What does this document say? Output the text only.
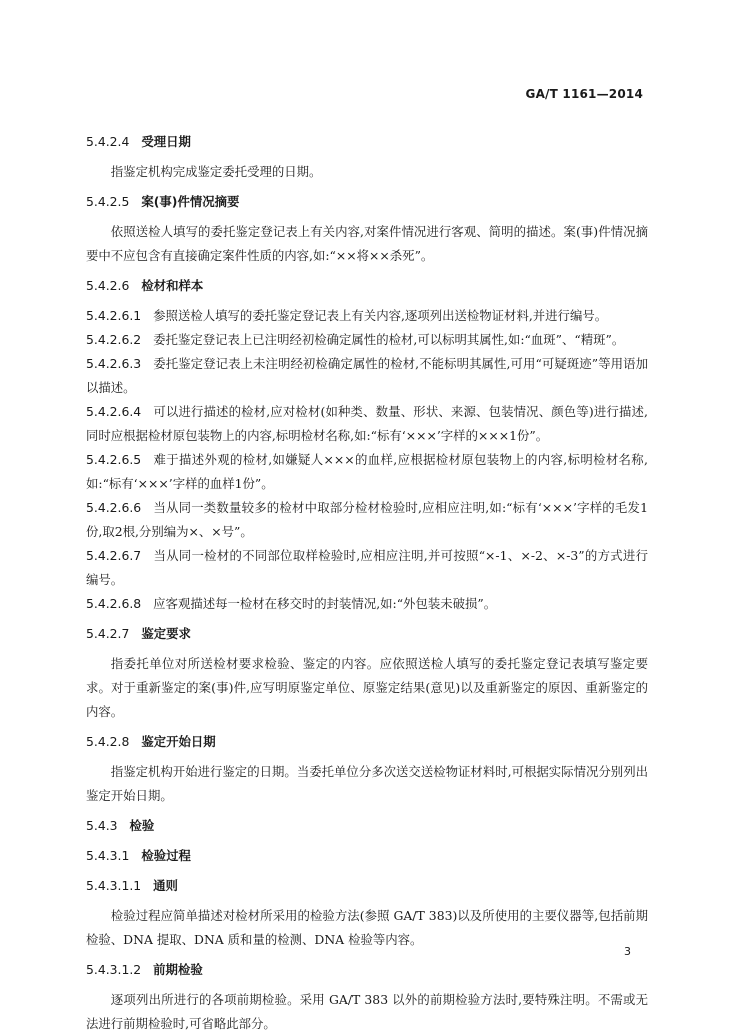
GA/T 1161—2014

5.4.2.4 受理日期

指鉴定机构完成鉴定委托受理的日期。

5.4.2.5 案(事)件情况摘要

依照送检人填写的委托鉴定登记表上有关内容,对案件情况进行客观、简明的描述。案(事)件情况摘要中不应包含有直接确定案件性质的内容,如:“××将××杀死”。

5.4.2.6 检材和样本

5.4.2.6.1 参照送检人填写的委托鉴定登记表上有关内容,逐项列出送检物证材料,并进行编号。

5.4.2.6.2 委托鉴定登记表上已注明经初检确定属性的检材,可以标明其属性,如:“血斑”、“精斑”。

5.4.2.6.3 委托鉴定登记表上未注明经初检确定属性的检材,不能标明其属性,可用“可疑斑迹”等用语加以描述。

5.4.2.6.4 可以进行描述的检材,应对检材(如种类、数量、形状、来源、包装情况、颜色等)进行描述,同时应根据检材原包装物上的内容,标明检材名称,如:“标有‘×××’字样的×××1份”。

5.4.2.6.5 难于描述外观的检材,如嫌疑人×××的血样,应根据检材原包装物上的内容,标明检材名称,如:“标有‘×××’字样的血样1份”。

5.4.2.6.6 当从同一类数量较多的检材中取部分检材检验时,应相应注明,如:“标有‘×××’字样的毛发1份,取2根,分别编为×、×号”。

5.4.2.6.7 当从同一检材的不同部位取样检验时,应相应注明,并可按照“×-1、×-2、×-3”的方式进行编号。

5.4.2.6.8 应客观描述每一检材在移交时的封装情况,如:“外包装未破损”。

5.4.2.7 鉴定要求

指委托单位对所送检材要求检验、鉴定的内容。应依照送检人填写的委托鉴定登记表填写鉴定要求。对于重新鉴定的案(事)件,应写明原鉴定单位、原鉴定结果(意见)以及重新鉴定的原因、重新鉴定的内容。

5.4.2.8 鉴定开始日期

指鉴定机构开始进行鉴定的日期。当委托单位分多次送交送检物证材料时,可根据实际情况分别列出鉴定开始日期。

5.4.3 检验

5.4.3.1 检验过程

5.4.3.1.1 通则

检验过程应简单描述对检材所采用的检验方法(参照 GA/T 383)以及所使用的主要仪器等,包括前期检验、DNA 提取、DNA 质和量的检测、DNA 检验等内容。

5.4.3.1.2 前期检验

逐项列出所进行的各项前期检验。采用 GA/T 383 以外的前期检验方法时,要特殊注明。不需或无法进行前期检验时,可省略此部分。

3
